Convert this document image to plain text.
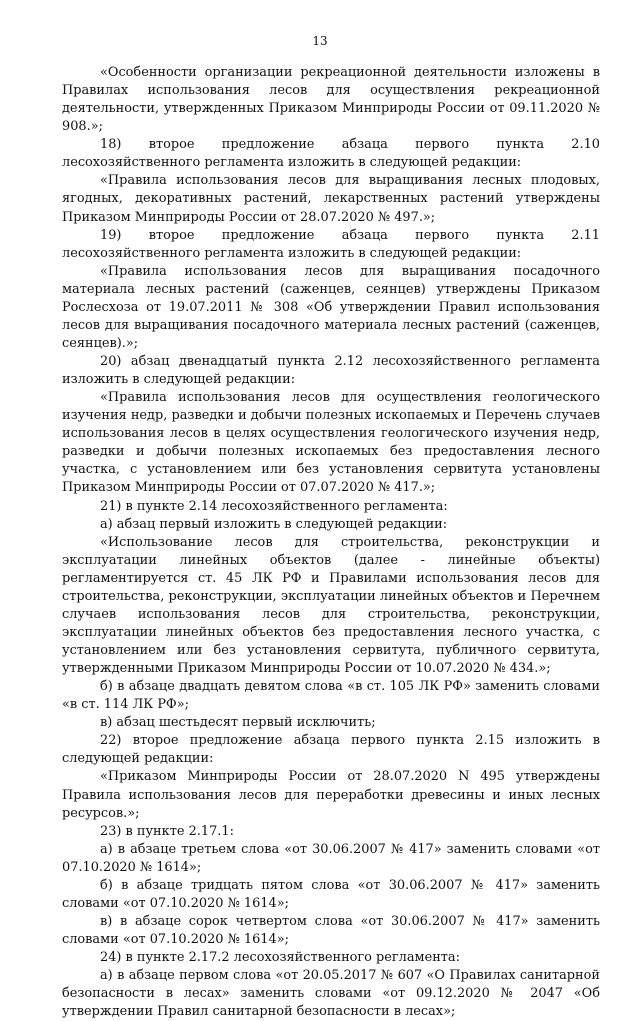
13

«Особенности организации рекреационной деятельности изложены в Правилах использования лесов для осуществления рекреационной деятельности, утвержденных Приказом Минприроды России от 09.11.2020 № 908.»;

18) второе предложение абзаца первого пункта 2.10 лесохозяйственного регламента изложить в следующей редакции:

«Правила использования лесов для выращивания лесных плодовых, ягодных, декоративных растений, лекарственных растений утверждены Приказом Минприроды России от 28.07.2020 № 497.»;

19) второе предложение абзаца первого пункта 2.11 лесохозяйственного регламента изложить в следующей редакции:

«Правила использования лесов для выращивания посадочного материала лесных растений (саженцев, сеянцев) утверждены Приказом Рослесхоза от 19.07.2011 № 308 «Об утверждении Правил использования лесов для выращивания посадочного материала лесных растений (саженцев, сеянцев).»;

20) абзац двенадцатый пункта 2.12 лесохозяйственного регламента изложить в следующей редакции:

«Правила использования лесов для осуществления геологического изучения недр, разведки и добычи полезных ископаемых и Перечень случаев использования лесов в целях осуществления геологического изучения недр, разведки и добычи полезных ископаемых без предоставления лесного участка, с установлением или без установления сервитута установлены Приказом Минприроды России от 07.07.2020 № 417.»;

21) в пункте 2.14 лесохозяйственного регламента:

а) абзац первый изложить в следующей редакции:

«Использование лесов для строительства, реконструкции и эксплуатации линейных объектов (далее - линейные объекты) регламентируется ст. 45 ЛК РФ и Правилами использования лесов для строительства, реконструкции, эксплуатации линейных объектов и Перечнем случаев использования лесов для строительства, реконструкции, эксплуатации линейных объектов без предоставления лесного участка, с установлением или без установления сервитута, публичного сервитута, утвержденными Приказом Минприроды России от 10.07.2020 № 434.»;

б) в абзаце двадцать девятом слова «в ст. 105 ЛК РФ» заменить словами «в ст. 114 ЛК РФ»;

в) абзац шестьдесят первый исключить;

22) второе предложение абзаца первого пункта 2.15 изложить в следующей редакции:

«Приказом Минприроды России от 28.07.2020 N 495 утверждены Правила использования лесов для переработки древесины и иных лесных ресурсов.»;

23) в пункте 2.17.1:

а) в абзаце третьем слова «от 30.06.2007 № 417» заменить словами «от 07.10.2020 № 1614»;

б) в абзаце тридцать пятом слова «от 30.06.2007 № 417» заменить словами «от 07.10.2020 № 1614»;

в) в абзаце сорок четвертом слова «от 30.06.2007 № 417» заменить словами «от 07.10.2020 № 1614»;

24) в пункте 2.17.2 лесохозяйственного регламента:

а) в абзаце первом слова «от 20.05.2017 № 607 «О Правилах санитарной безопасности в лесах» заменить словами «от 09.12.2020 № 2047 «Об утверждении Правил санитарной безопасности в лесах»;
